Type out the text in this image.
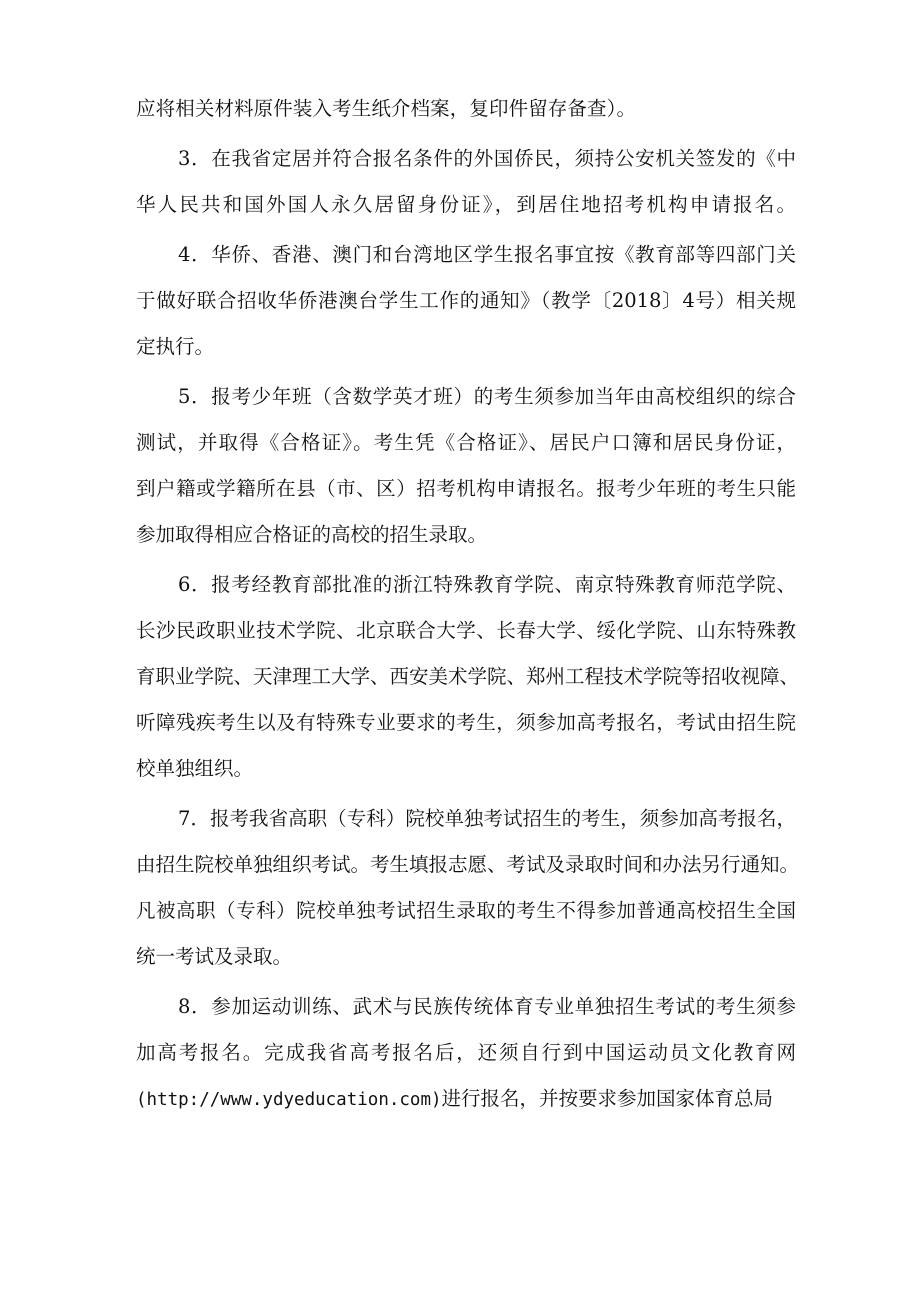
应将相关材料原件装入考生纸介档案，复印件留存备查）。
3．在我省定居并符合报名条件的外国侨民，须持公安机关签发的《中
华人民共和国外国人永久居留身份证》，到居住地招考机构申请报名。
4．华侨、香港、澳门和台湾地区学生报名事宜按《教育部等四部门关
于做好联合招收华侨港澳台学生工作的通知》（教学〔2018〕4号）相关规
定执行。
5．报考少年班（含数学英才班）的考生须参加当年由高校组织的综合
测试，并取得《合格证》。考生凭《合格证》、居民户口簿和居民身份证，
到户籍或学籍所在县（市、区）招考机构申请报名。报考少年班的考生只能
参加取得相应合格证的高校的招生录取。
6．报考经教育部批准的浙江特殊教育学院、南京特殊教育师范学院、
长沙民政职业技术学院、北京联合大学、长春大学、绥化学院、山东特殊教
育职业学院、天津理工大学、西安美术学院、郑州工程技术学院等招收视障、
听障残疾考生以及有特殊专业要求的考生，须参加高考报名，考试由招生院
校单独组织。
7．报考我省高职（专科）院校单独考试招生的考生，须参加高考报名，
由招生院校单独组织考试。考生填报志愿、考试及录取时间和办法另行通知。
凡被高职（专科）院校单独考试招生录取的考生不得参加普通高校招生全国
统一考试及录取。
8．参加运动训练、武术与民族传统体育专业单独招生考试的考生须参
加高考报名。完成我省高考报名后，还须自行到中国运动员文化教育网
(http://www.ydyeducation.com)进行报名，并按要求参加国家体育总局
